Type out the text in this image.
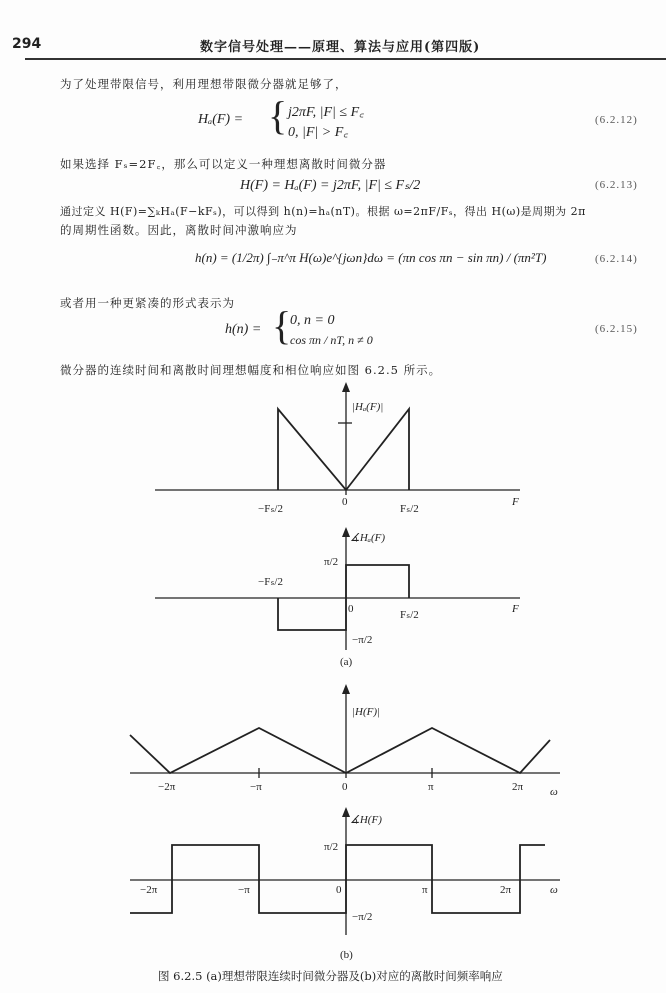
294	数字信号处理——原理、算法与应用(第四版)
为了处理带限信号，利用理想带限微分器就足够了，
Hₐ(F) = { j2πF, |F| ≤ F꜀
0, |F| > F꜀
(6.2.12)
如果选择 Fₛ=2F꜀，那么可以定义一种理想离散时间微分器
H(F) = Hₐ(F) = j2πF, |F| ≤ Fₛ/2	(6.2.13)
通过定义 H(F)=∑ₖHₐ(F−kFₛ)，可以得到 h(n)=hₐ(nT)。根据 ω=2πF/Fₛ，得出 H(ω)是周期为 2π
的周期性函数。因此，离散时间冲激响应为
h(n) = (1/2π) ∫₋π^π H(ω)e^{jωn}dω = (πn cos πn − sin πn) / (πn²T)	(6.2.14)
或者用一种更紧凑的形式表示为
h(n) = {
0, n = 0
cos πn / nT, n ≠ 0
(6.2.15)
微分器的连续时间和离散时间理想幅度和相位响应如图 6.2.5 所示。
|Hₐ(F)|
−Fₛ/2
0
Fₛ/2
F
∡Hₐ(F)
π/2
−Fₛ/2
0	Fₛ/2
−π/2
F
(a)
|H(F)|
−2π	−π	0	π	2π ω
∡H(F)
π/2
−2π	−π	0	π	2π	ω
−π/2
(b)
图 6.2.5 (a)理想带限连续时间微分器及(b)对应的离散时间频率响应
